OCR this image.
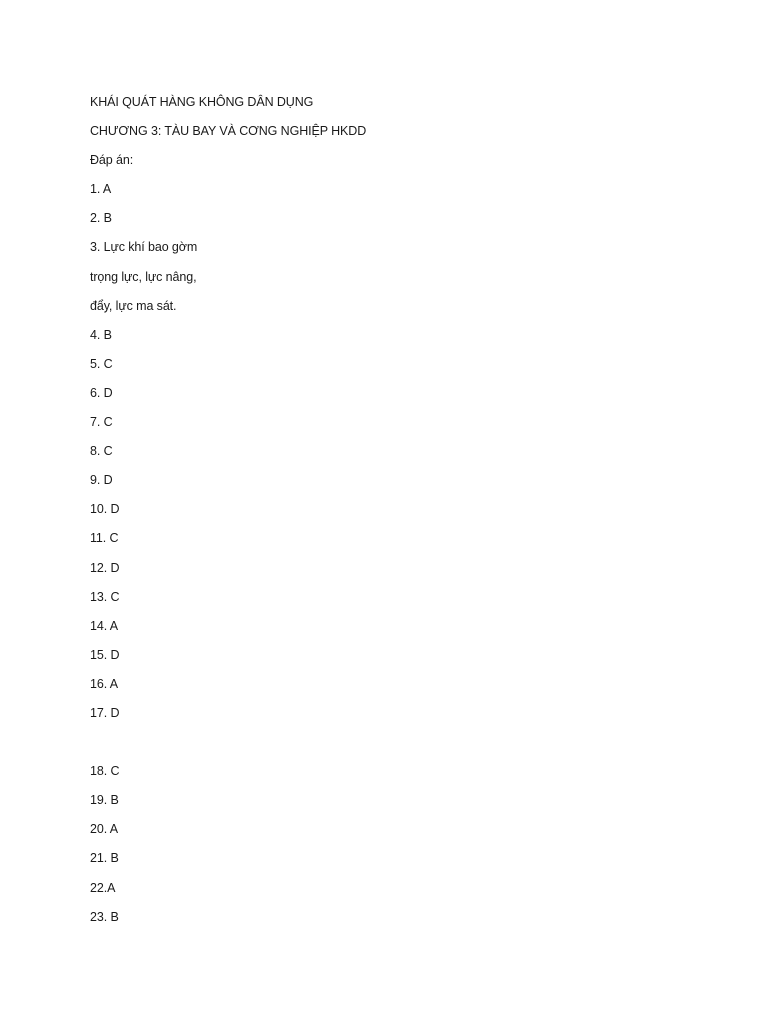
KHÁI QUÁT HÀNG KHÔNG DÂN DỤNG
CHƯƠNG 3: TÀU BAY VÀ CƠNG NGHIỆP HKDD
Đáp án:
1. A
2. B
3. Lực khí bao gờm
trọng lực, lực nâng,
đẩy, lực ma sát.
4. B
5. C
6. D
7. C
8. C
9. D
10. D
11. C
12. D
13. C
14. A
15. D
16. A
17. D
18. C
19. B
20. A
21. B
22.A
23. B
